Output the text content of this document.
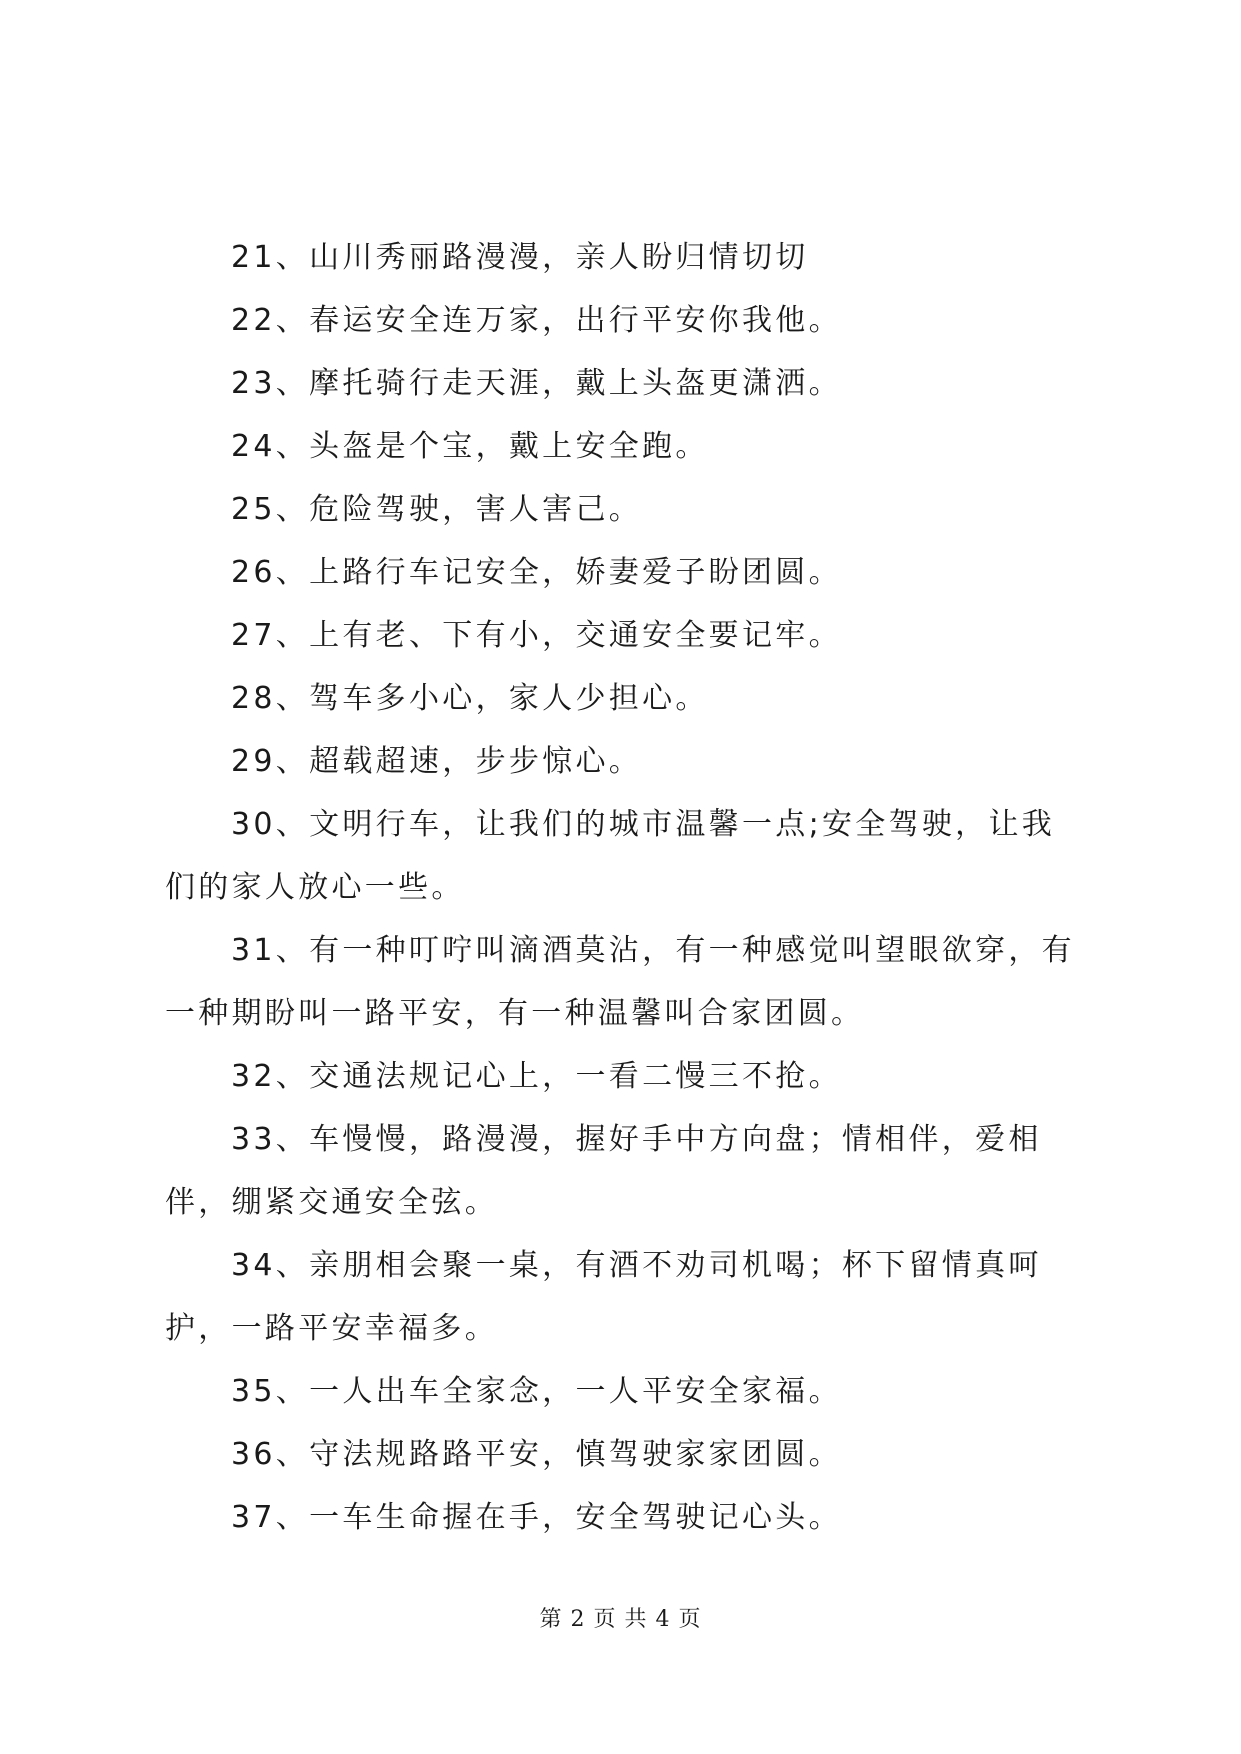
21、山川秀丽路漫漫，亲人盼归情切切

22、春运安全连万家，出行平安你我他。

23、摩托骑行走天涯，戴上头盔更潇洒。

24、头盔是个宝，戴上安全跑。

25、危险驾驶，害人害己。

26、上路行车记安全，娇妻爱子盼团圆。

27、上有老、下有小，交通安全要记牢。

28、驾车多小心，家人少担心。

29、超载超速，步步惊心。

30、文明行车，让我们的城市温馨一点;安全驾驶，让我们的家人放心一些。

31、有一种叮咛叫滴酒莫沾，有一种感觉叫望眼欲穿，有一种期盼叫一路平安，有一种温馨叫合家团圆。

32、交通法规记心上，一看二慢三不抢。

33、车慢慢，路漫漫，握好手中方向盘；情相伴，爱相伴，绷紧交通安全弦。

34、亲朋相会聚一桌，有酒不劝司机喝；杯下留情真呵护，一路平安幸福多。

35、一人出车全家念，一人平安全家福。

36、守法规路路平安，慎驾驶家家团圆。

37、一车生命握在手，安全驾驶记心头。

第 2 页 共 4 页
